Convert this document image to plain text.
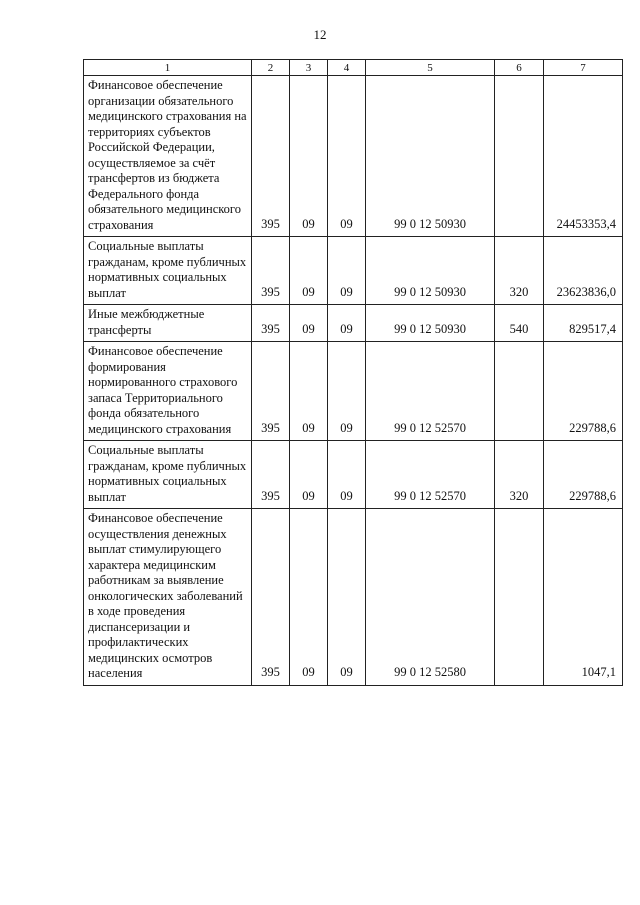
12
1	2	3	4	5	6	7
Финансовое обеспечение организации обязательного медицинского страхования на территориях субъектов Российской Федерации, осуществляемое за счёт трансфертов из бюджета Федерального фонда обязательного медицинского страхования	395	09	09	99 0 12 50930		24453353,4
Социальные выплаты гражданам, кроме публичных нормативных социальных выплат	395	09	09	99 0 12 50930	320	23623836,0
Иные межбюджетные трансферты	395	09	09	99 0 12 50930	540	829517,4
Финансовое обеспечение формирования нормированного страхового запаса Территориального фонда обязательного медицинского страхования	395	09	09	99 0 12 52570		229788,6
Социальные выплаты гражданам, кроме публичных нормативных социальных выплат	395	09	09	99 0 12 52570	320	229788,6
Финансовое обеспечение осуществления денежных выплат стимулирующего характера медицинским работникам за выявление онкологических заболеваний в ходе проведения диспансеризации и профилактических медицинских осмотров населения	395	09	09	99 0 12 52580		1047,1
